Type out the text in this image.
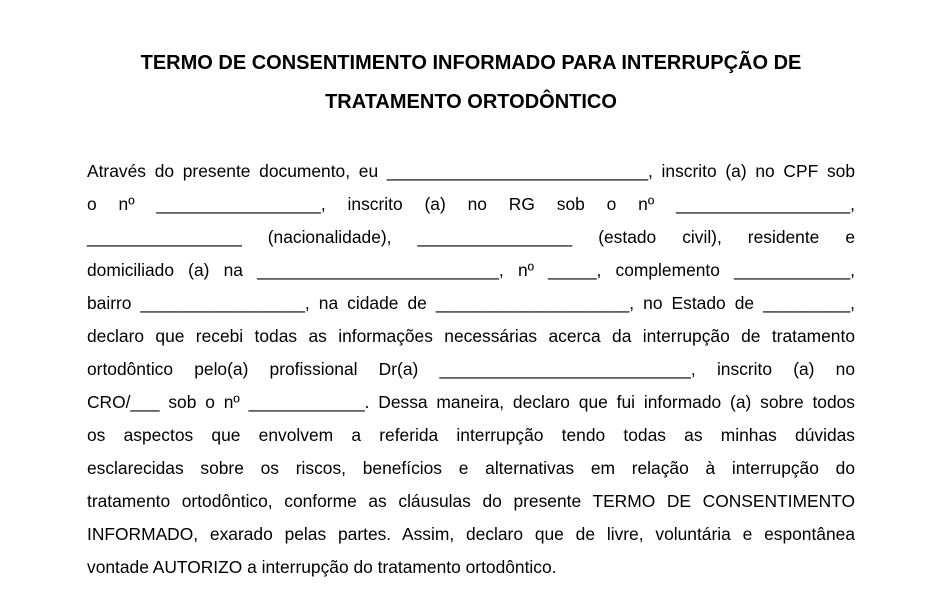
TERMO DE CONSENTIMENTO INFORMADO PARA INTERRUPÇÃO DE
TRATAMENTO ORTODÔNTICO
Através do presente documento, eu ___________________________, inscrito (a) no CPF sob
o nº _________________, inscrito (a) no RG sob o nº __________________,
________________ (nacionalidade), ________________ (estado civil), residente e
domiciliado (a) na _________________________, nº _____, complemento ____________,
bairro _________________, na cidade de ____________________, no Estado de _________,
declaro que recebi todas as informações necessárias acerca da interrupção de tratamento
ortodôntico pelo(a) profissional Dr(a) __________________________, inscrito (a) no
CRO/___ sob o nº ____________. Dessa maneira, declaro que fui informado (a) sobre todos
os aspectos que envolvem a referida interrupção tendo todas as minhas dúvidas
esclarecidas sobre os riscos, benefícios e alternativas em relação à interrupção do
tratamento ortodôntico, conforme as cláusulas do presente TERMO DE CONSENTIMENTO
INFORMADO, exarado pelas partes. Assim, declaro que de livre, voluntária e espontânea
vontade AUTORIZO a interrupção do tratamento ortodôntico.
